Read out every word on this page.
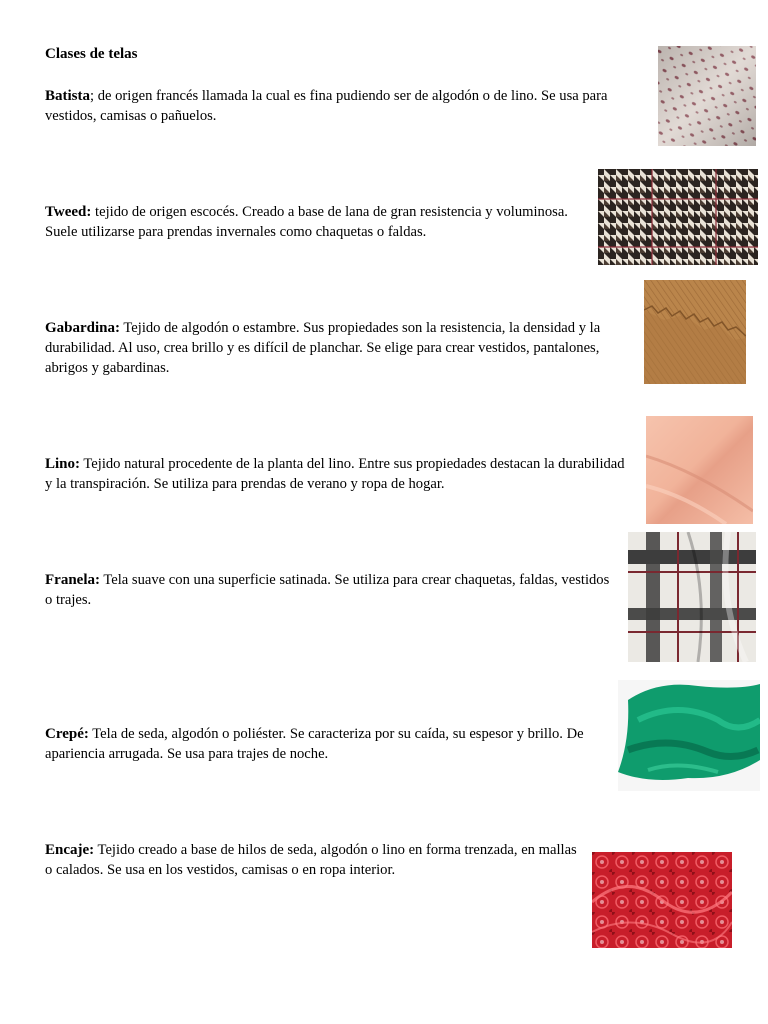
Clases de telas
Batista; de origen francés llamada la cual es fina pudiendo ser de algodón o de lino. Se usa para vestidos, camisas o pañuelos.
Tweed: tejido de origen escocés. Creado a base de lana de gran resistencia y voluminosa. Suele utilizarse para prendas invernales como chaquetas o faldas.
Gabardina: Tejido de algodón o estambre. Sus propiedades son la resistencia, la densidad y la durabilidad. Al uso, crea brillo y es difícil de planchar. Se elige para crear vestidos, pantalones, abrigos y gabardinas.
Lino: Tejido natural procedente de la planta del lino. Entre sus propiedades destacan la durabilidad y la transpiración. Se utiliza para prendas de verano y ropa de hogar.
Franela: Tela suave con una superficie satinada. Se utiliza para crear chaquetas, faldas, vestidos o trajes.
Crepé: Tela de seda, algodón o poliéster. Se caracteriza por su caída, su espesor y brillo. De apariencia arrugada. Se usa para trajes de noche.
Encaje: Tejido creado a base de hilos de seda, algodón o lino en forma trenzada, en mallas o calados. Se usa en los vestidos, camisas o en ropa interior.
